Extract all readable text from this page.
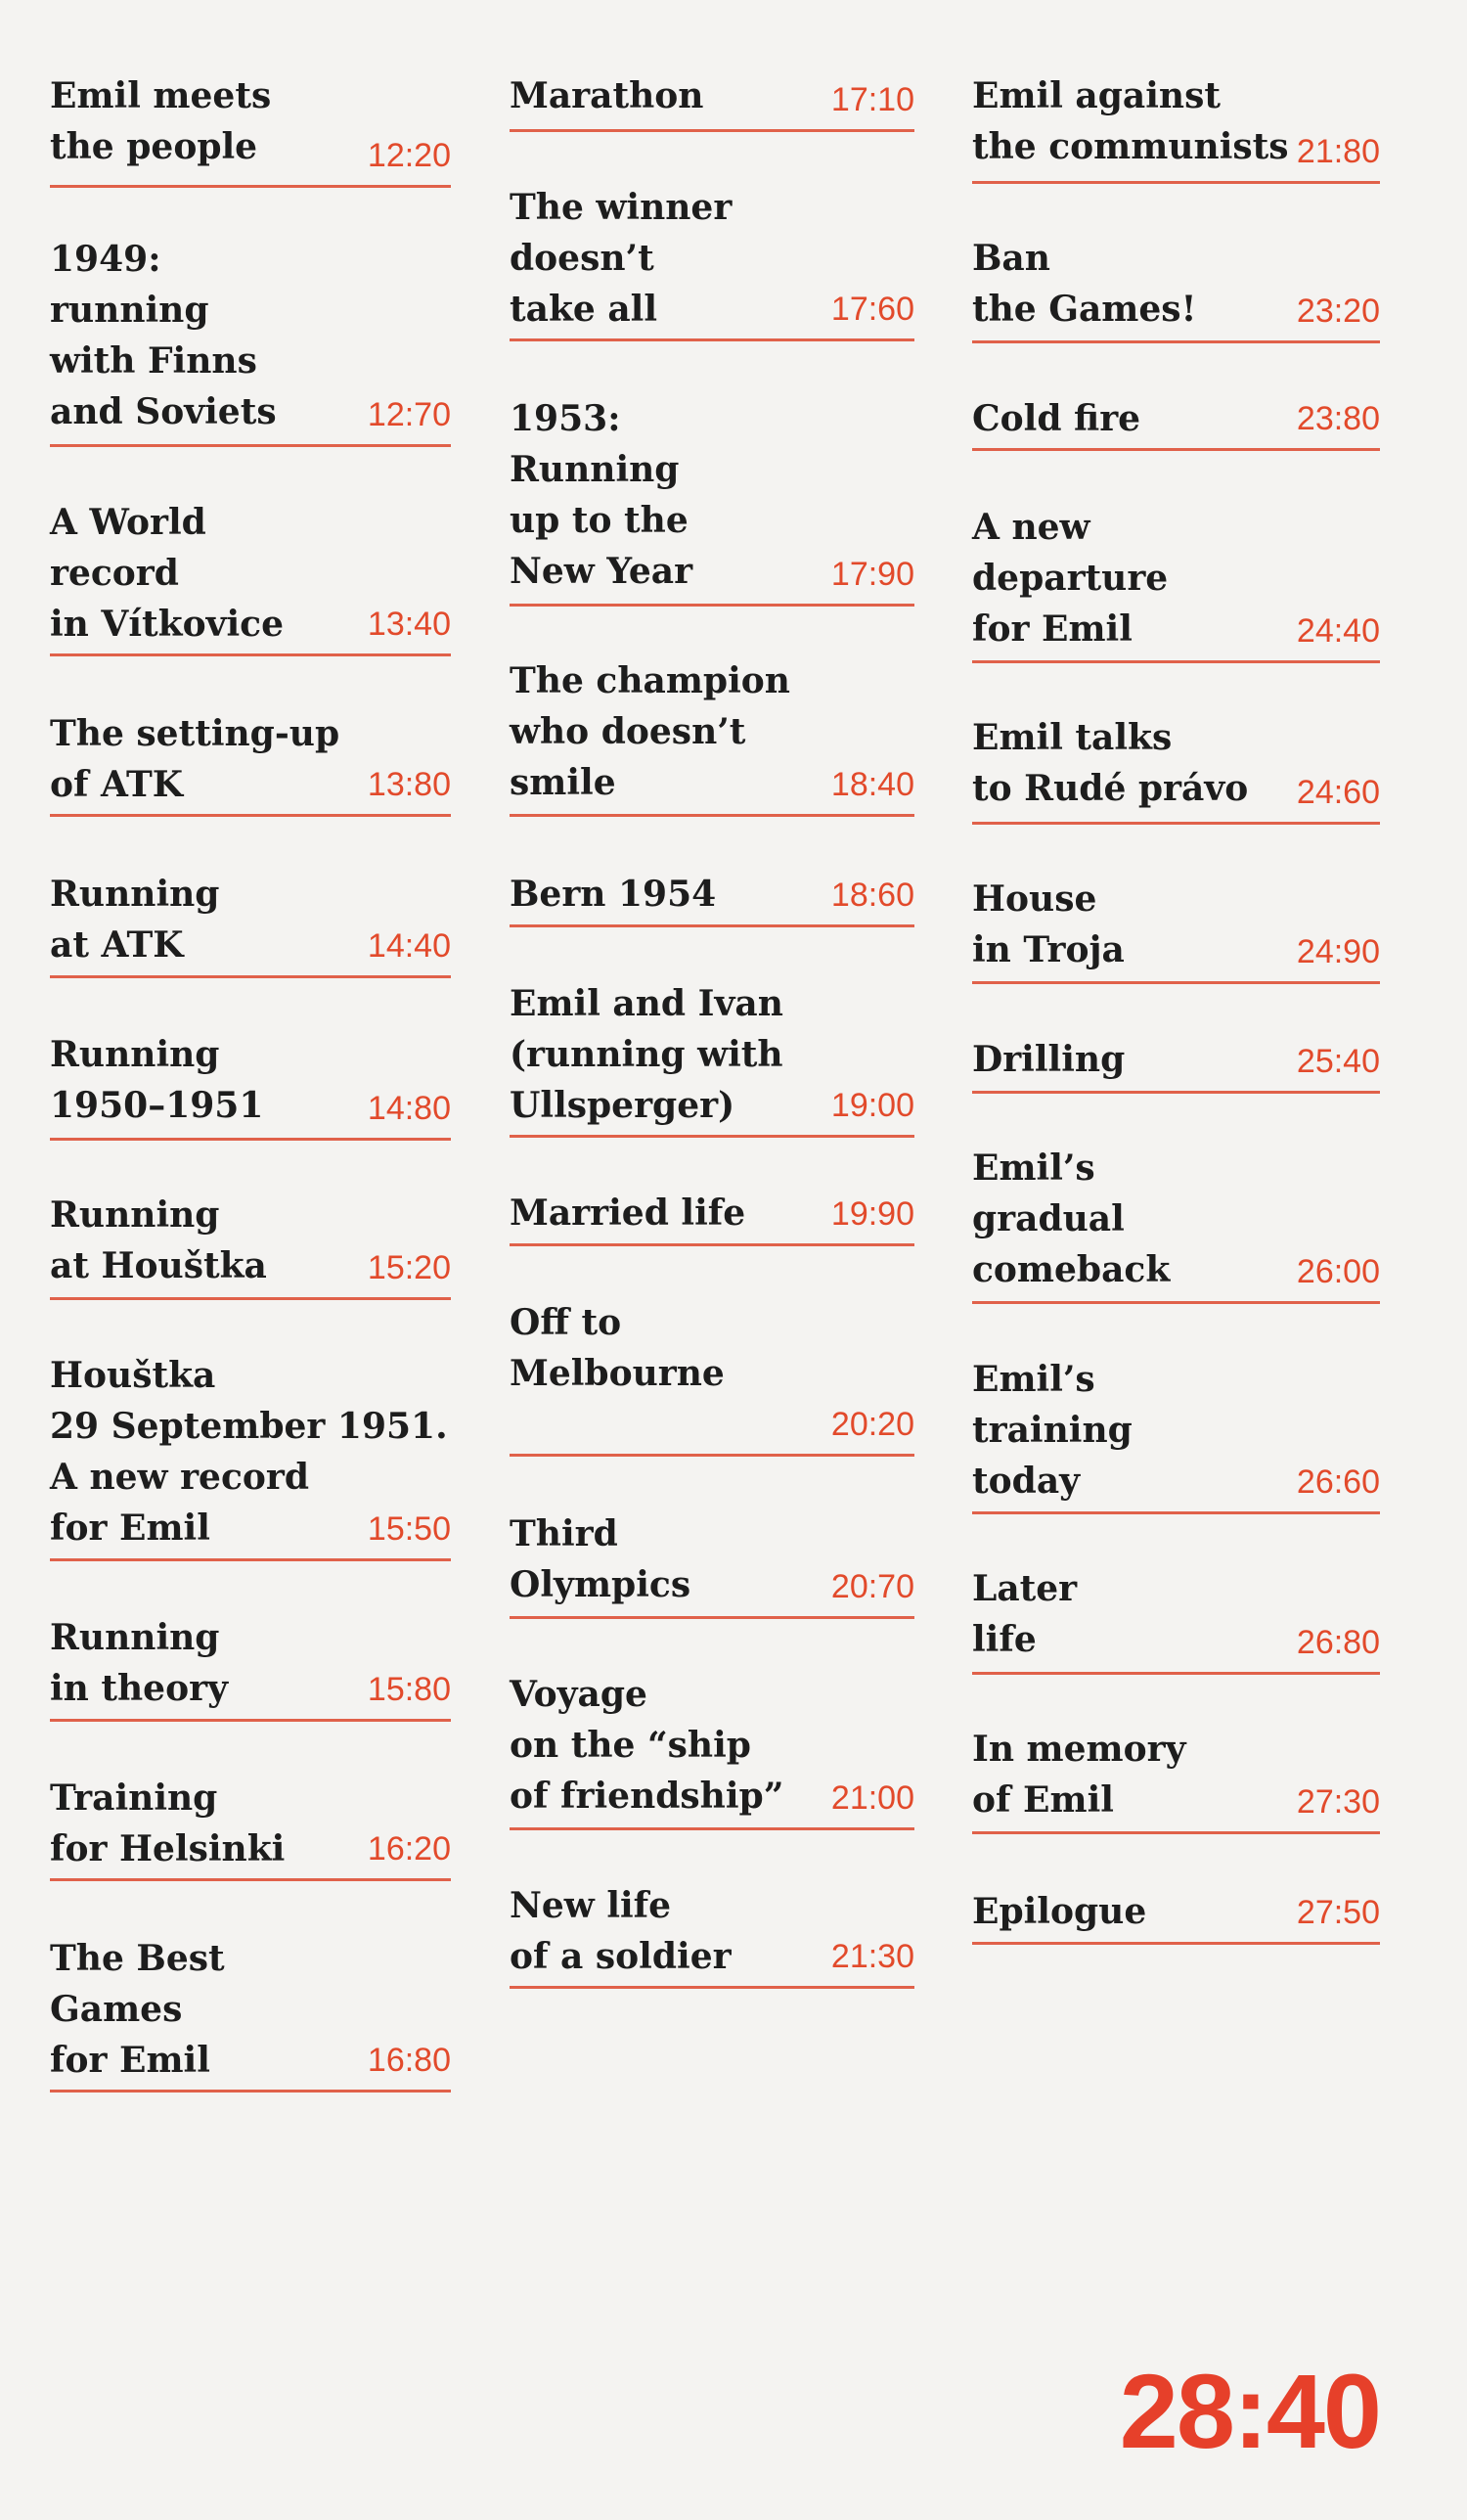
Emil meets
the people	12:20
1949:
running
with Finns
and Soviets	12:70
A World
record
in Vítkovice	13:40
The setting-up
of ATK	13:80
Running
at ATK	14:40
Running
1950–1951	14:80
Running
at Houštka	15:20
Houštka
29 September 1951.
A new record
for Emil	15:50
Running
in theory	15:80
Training
for Helsinki	16:20
The Best
Games
for Emil	16:80
Marathon	17:10
The winner
doesn’t
take all	17:60
1953:
Running
up to the
New Year	17:90
The champion
who doesn’t
smile	18:40
Bern 1954	18:60
Emil and Ivan
(running with
Ullsperger)	19:00
Married life	19:90
Off to
Melbourne
20:20
Third
Olympics	20:70
Voyage
on the “ship
of friendship”	21:00
New life
of a soldier	21:30
Emil against
the communists 21:80
Ban
the Games!	23:20
Cold fire	23:80
A new
departure
for Emil	24:40
Emil talks
to Rudé právo	24:60
House
in Troja	24:90
Drilling	25:40
Emil’s
gradual
comeback	26:00
Emil’s
training
today	26:60
Later
life	26:80
In memory
of Emil	27:30
Epilogue	27:50
28:40
